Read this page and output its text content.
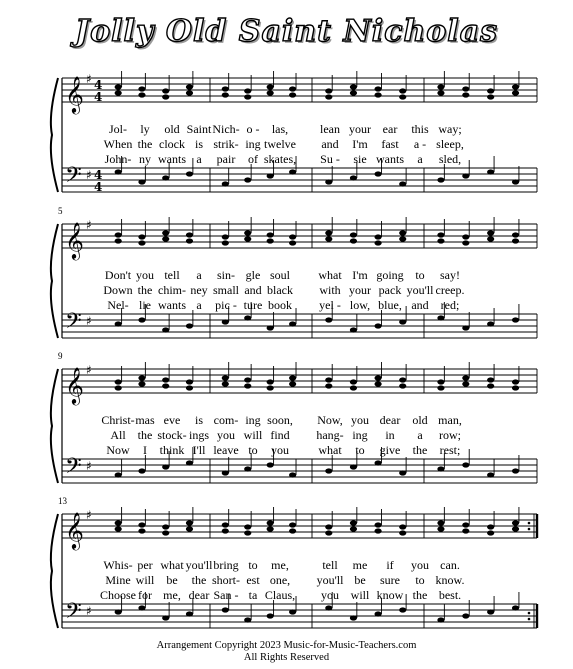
Jolly Old Saint Nicholas
𝄞
𝄢
♯
♯
4
4
4
4
Jol- ly old Saint Nich- o - las,	lean your ear this way;
When the clock is strik- ing twelve and I'm fast a - sleep,
John- ny wants a pair of skates, Su - sie wants a sled,
𝄞
𝄢
♯
♯
5
Don't you tell a sin- gle soul what I'm going to say!
Down the chim- ney small and black with your pack you'll creep.
Nel- lie wants a pic - ture book yel - low, blue, and red;
𝄞
𝄢
♯
♯
9
Christ- mas eve is com- ing soon, Now, you dear old man,
All the stock- ings you will find hang- ing in a row;
Now I think I'll leave to you what to give the rest;
𝄞
𝄢
♯
♯
13
Whis- per what you'll bring to me,	tell me if you can.
Mine will be the short- est one, you'll be sure to know.
Choose for me, dear San - ta Claus, you will know the best.
Arrangement Copyright 2023 Music-for-Music-Teachers.com
All Rights Reserved
